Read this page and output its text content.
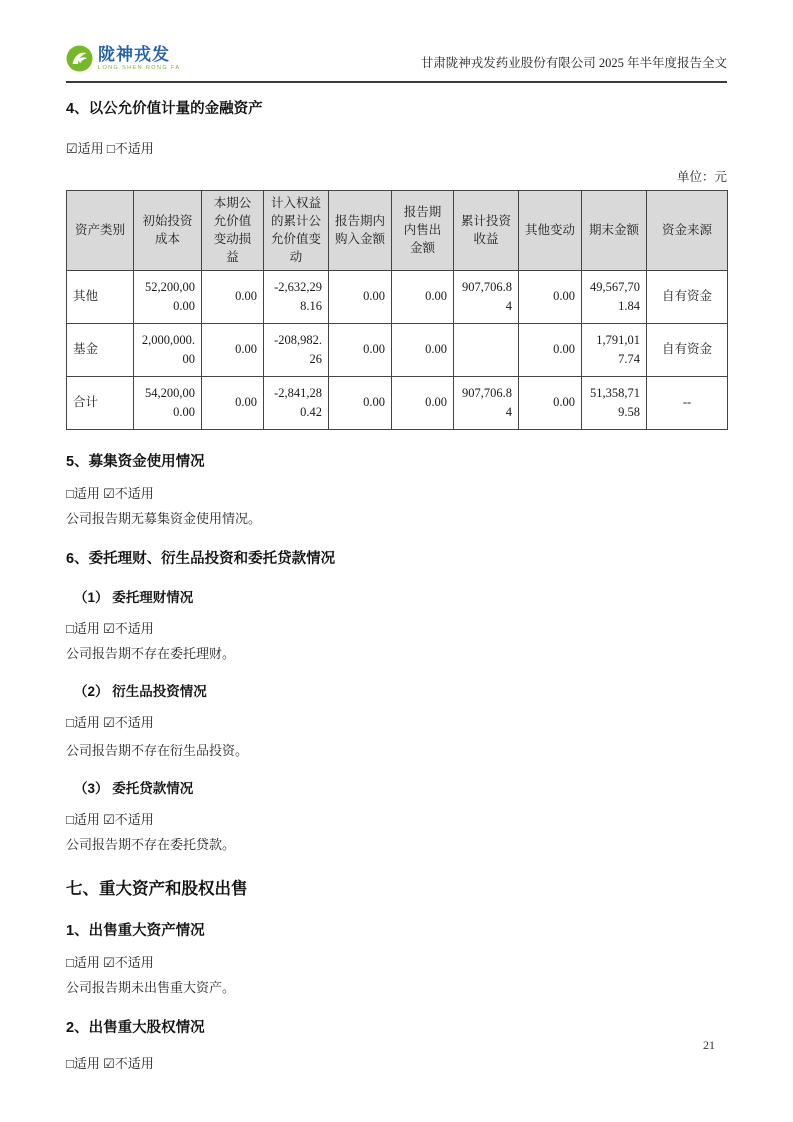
陇神戎发
LONG SHEN RONG FA	甘肃陇神戎发药业股份有限公司 2025 年半年度报告全文
4、以公允价值计量的金融资产

☑适用 □不适用

单位：元
资产类别	初始投资成本	本期公允价值变动损益	计入权益的累计公允价值变动	报告期内购入金额	报告期内售出金额	累计投资收益	其他变动	期末金额	资金来源
其他	52,200,000.00	0.00	-2,632,298.16	0.00	0.00	907,706.84	0.00	49,567,701.84	自有资金
基金	2,000,000.00	0.00	-208,982.26	0.00	0.00		0.00	1,791,017.74	自有资金
合计	54,200,000.00	0.00	-2,841,280.42	0.00	0.00	907,706.84	0.00	51,358,719.58	--
5、募集资金使用情况

□适用 ☑不适用

公司报告期无募集资金使用情况。

6、委托理财、衍生品投资和委托贷款情况
（1） 委托理财情况

□适用 ☑不适用

公司报告期不存在委托理财。

（2） 衍生品投资情况

□适用 ☑不适用

公司报告期不存在衍生品投资。

（3） 委托贷款情况

□适用 ☑不适用

公司报告期不存在委托贷款。

七、重大资产和股权出售
1、出售重大资产情况

□适用 ☑不适用

公司报告期未出售重大资产。

2、出售重大股权情况

□适用 ☑不适用

21
